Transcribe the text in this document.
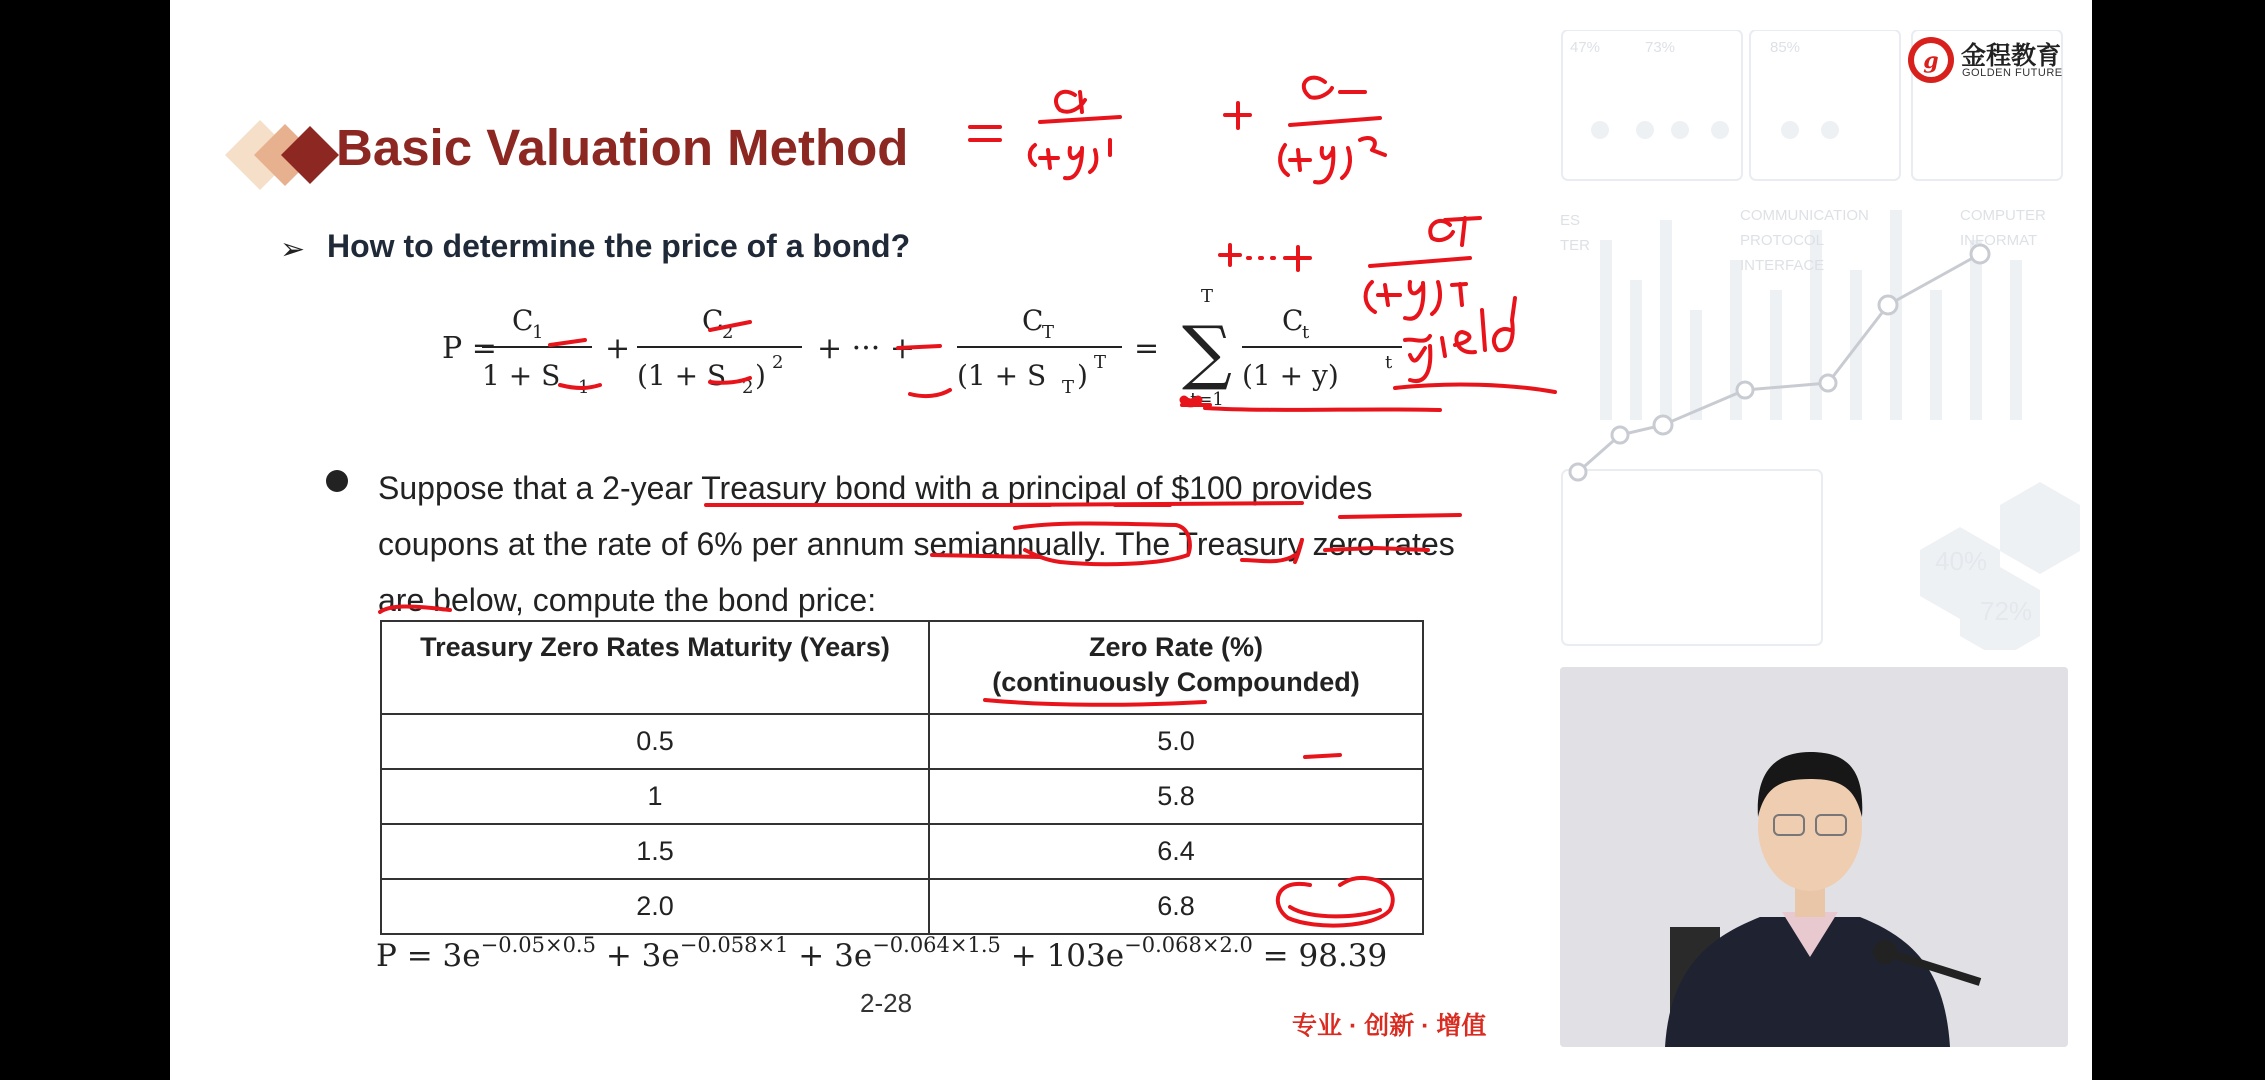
47%	73%	85%
ES
TER
COMMUNICATION
PROTOCOL
INTERFACE
COMPUTER
INFORMAT
40%
72%
g 金程教育
GOLDEN FUTURE
Basic Valuation Method
➢ How to determine the price of a bond?
P =
C
1
1 + S 1
+
C
2
(1 + S 2 ) 2 + ··· +
C
T
(1 + S T ) T =
T
∑
t=1
C
t
(1 + y)	t
Suppose that a 2-year Treasury bond with a principal of $100 provides coupons at the rate of 6% per annum semiannually. The Treasury zero rates are below, compute the bond price:
Treasury Zero Rates Maturity (Years)	Zero Rate (%)
(continuously Compounded)

0.5	5.0
1	5.8
1.5	6.4
2.0	6.8
$P = 3e^{-0.05\times 0.5} + 3e^{-0.058\times 1} + 3e^{-0.064\times 1.5} + 103e^{-0.068\times 2.0} = 98.39$
2-28
专业 · 创新 · 增值
